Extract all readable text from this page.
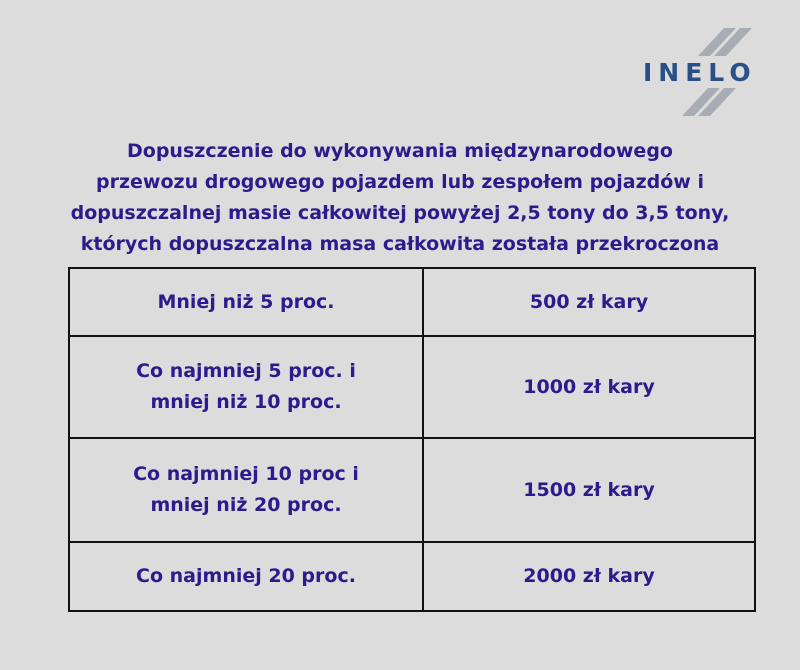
INELO
Dopuszczenie do wykonywania międzynarodowego
przewozu drogowego pojazdem lub zespołem pojazdów i
dopuszczalnej masie całkowitej powyżej 2,5 tony do 3,5 tony,
których dopuszczalna masa całkowita została przekroczona
Mniej niż 5 proc.	500 zł kary

Co najmniej 5 proc. i
mniej niż 10 proc.	1000 zł kary

Co najmniej 10 proc i
mniej niż 20 proc.	1500 zł kary

Co najmniej 20 proc.	2000 zł kary
